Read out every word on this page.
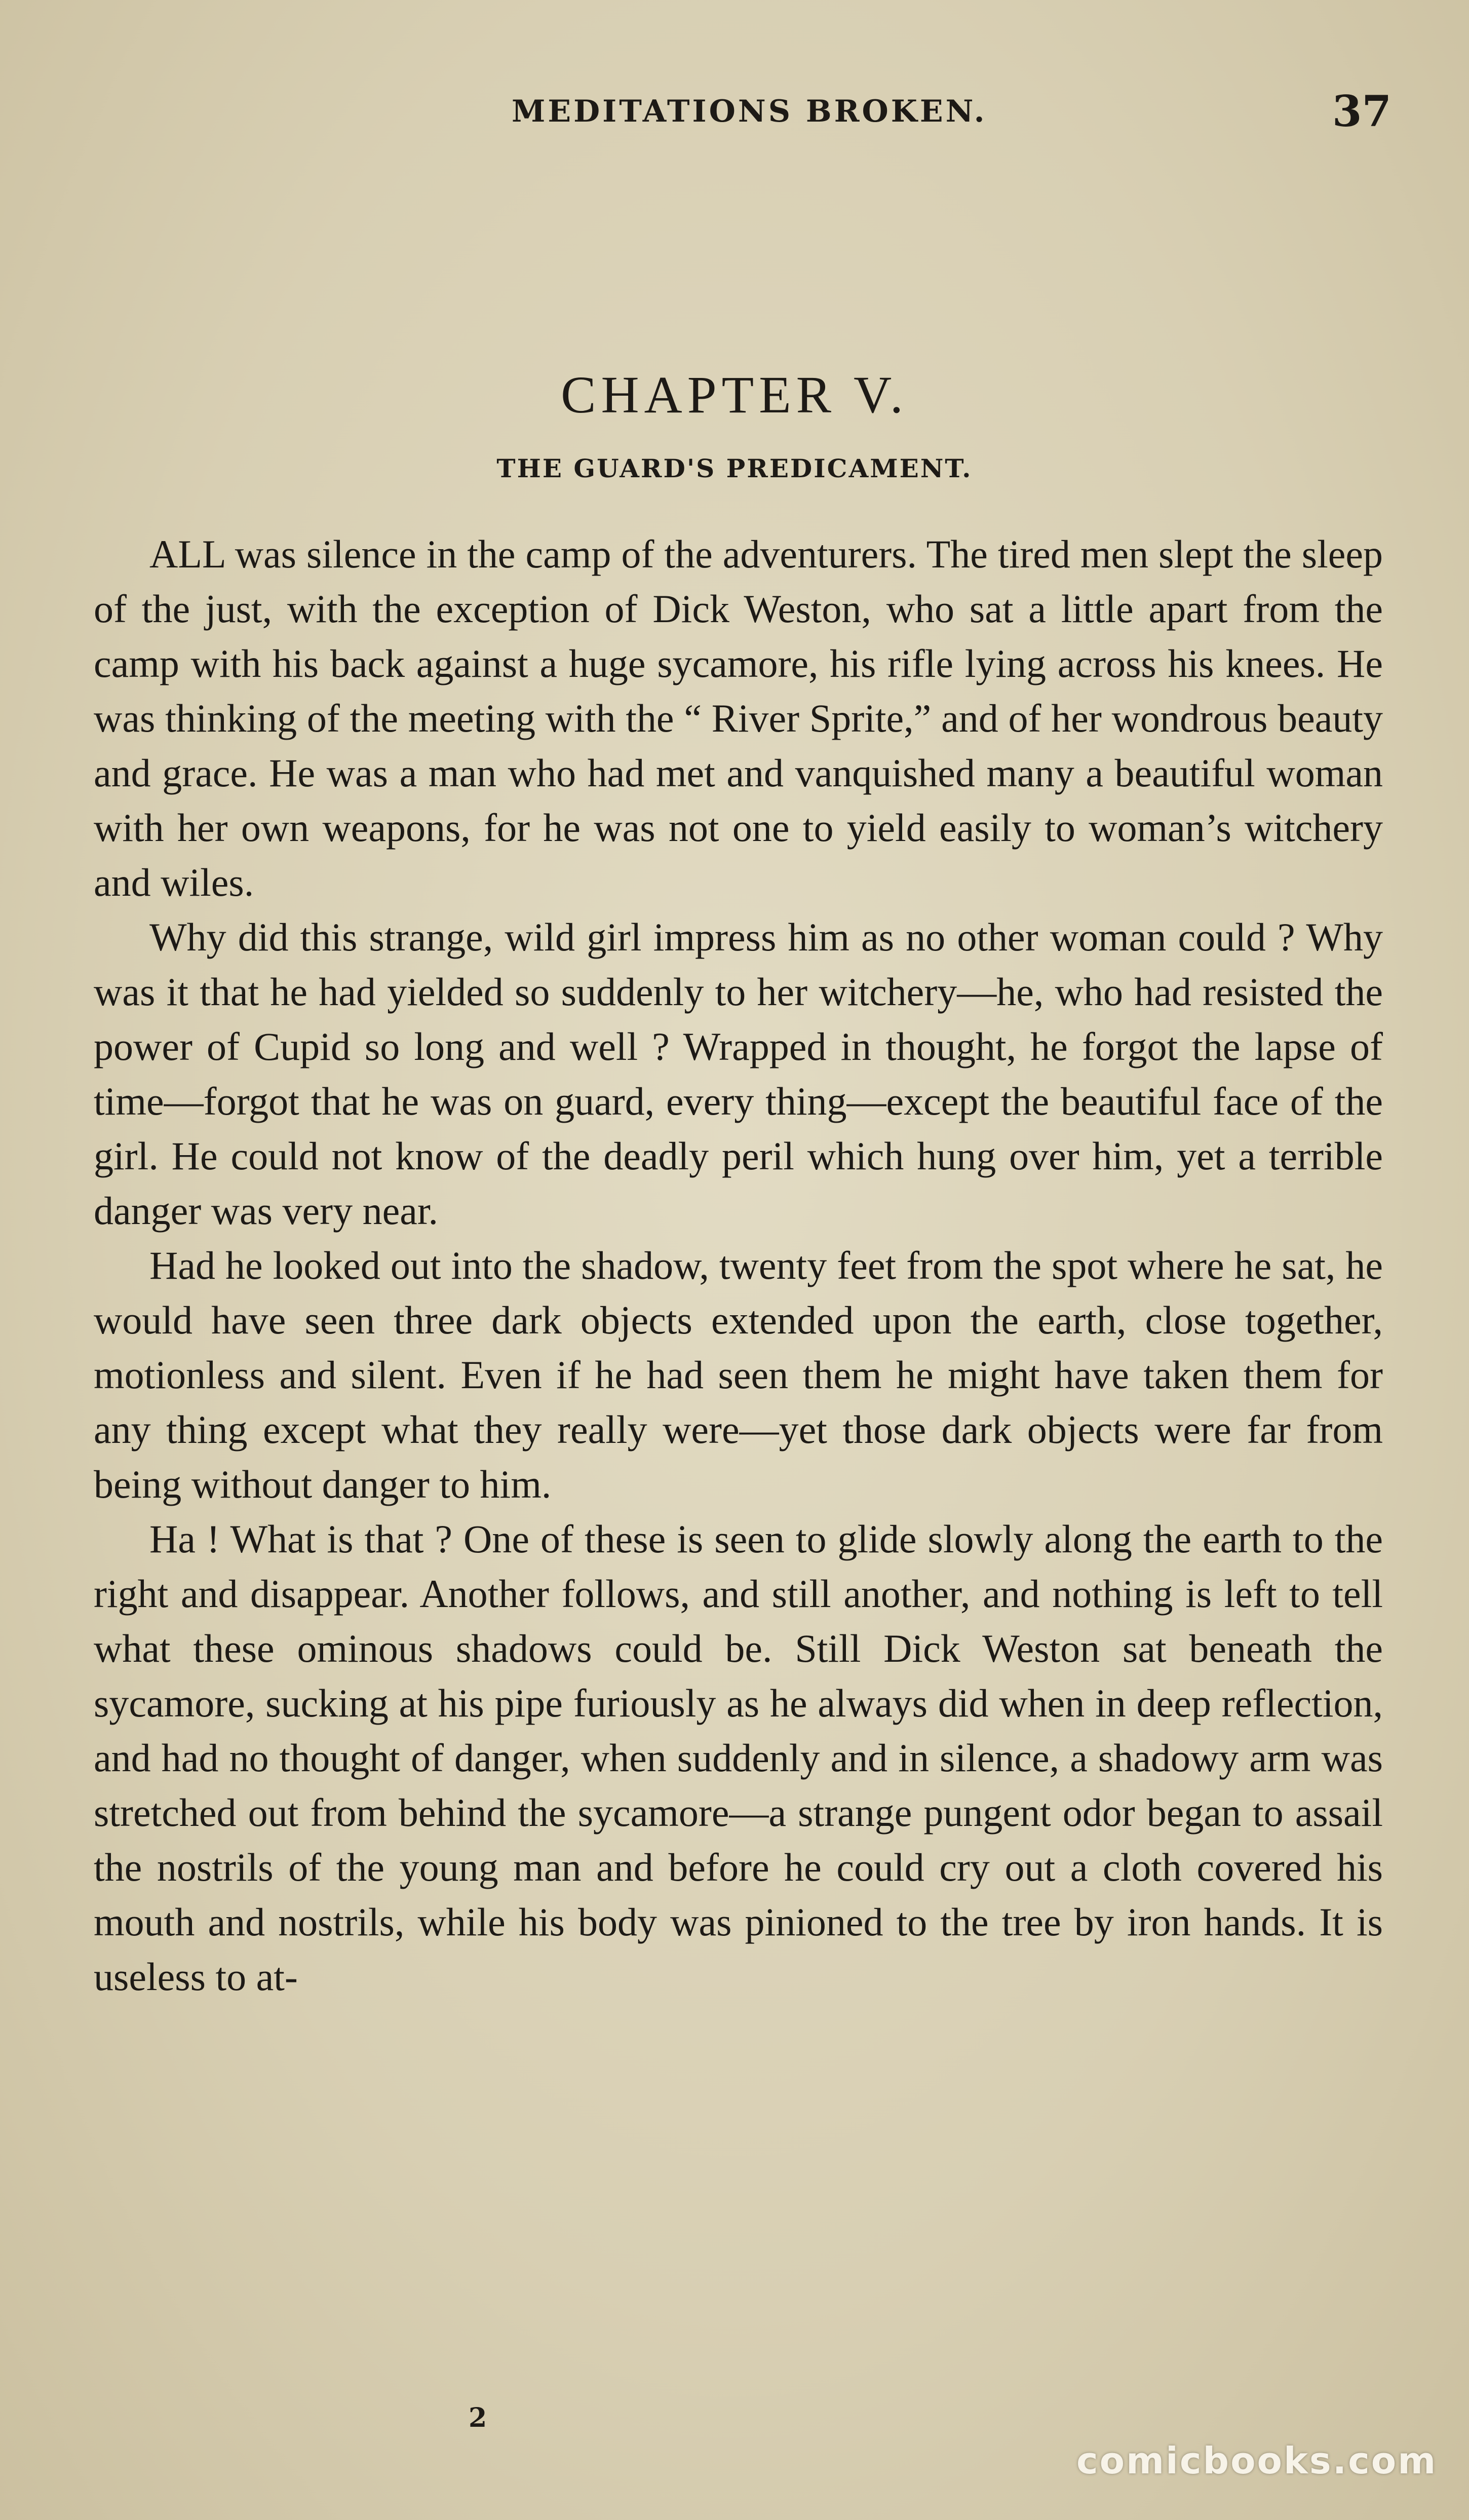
MEDITATIONS BROKEN.	37
CHAPTER V.
THE GUARD'S PREDICAMENT.

ALL was silence in the camp of the adventurers. The tired men slept the sleep of the just, with the exception of Dick Weston, who sat a little apart from the camp with his back against a huge sycamore, his rifle lying across his knees. He was thinking of the meeting with the “ River Sprite,” and of her wondrous beauty and grace. He was a man who had met and vanquished many a beautiful woman with her own weapons, for he was not one to yield easily to woman’s witchery and wiles.

Why did this strange, wild girl impress him as no other woman could ? Why was it that he had yielded so suddenly to her witchery—he, who had resisted the power of Cupid so long and well ? Wrapped in thought, he forgot the lapse of time—forgot that he was on guard, every thing—except the beautiful face of the girl. He could not know of the deadly peril which hung over him, yet a terrible danger was very near.

Had he looked out into the shadow, twenty feet from the spot where he sat, he would have seen three dark objects extended upon the earth, close together, motionless and silent. Even if he had seen them he might have taken them for any thing except what they really were—yet those dark objects were far from being without danger to him.

Ha ! What is that ? One of these is seen to glide slowly along the earth to the right and disappear. Another follows, and still another, and nothing is left to tell what these ominous shadows could be. Still Dick Weston sat beneath the sycamore, sucking at his pipe furiously as he always did when in deep reflection, and had no thought of danger, when suddenly and in silence, a shadowy arm was stretched out from behind the sycamore—a strange pungent odor began to assail the nostrils of the young man and before he could cry out a cloth covered his mouth and nostrils, while his body was pinioned to the tree by iron hands. It is useless to at-

2
comicbooks.com
